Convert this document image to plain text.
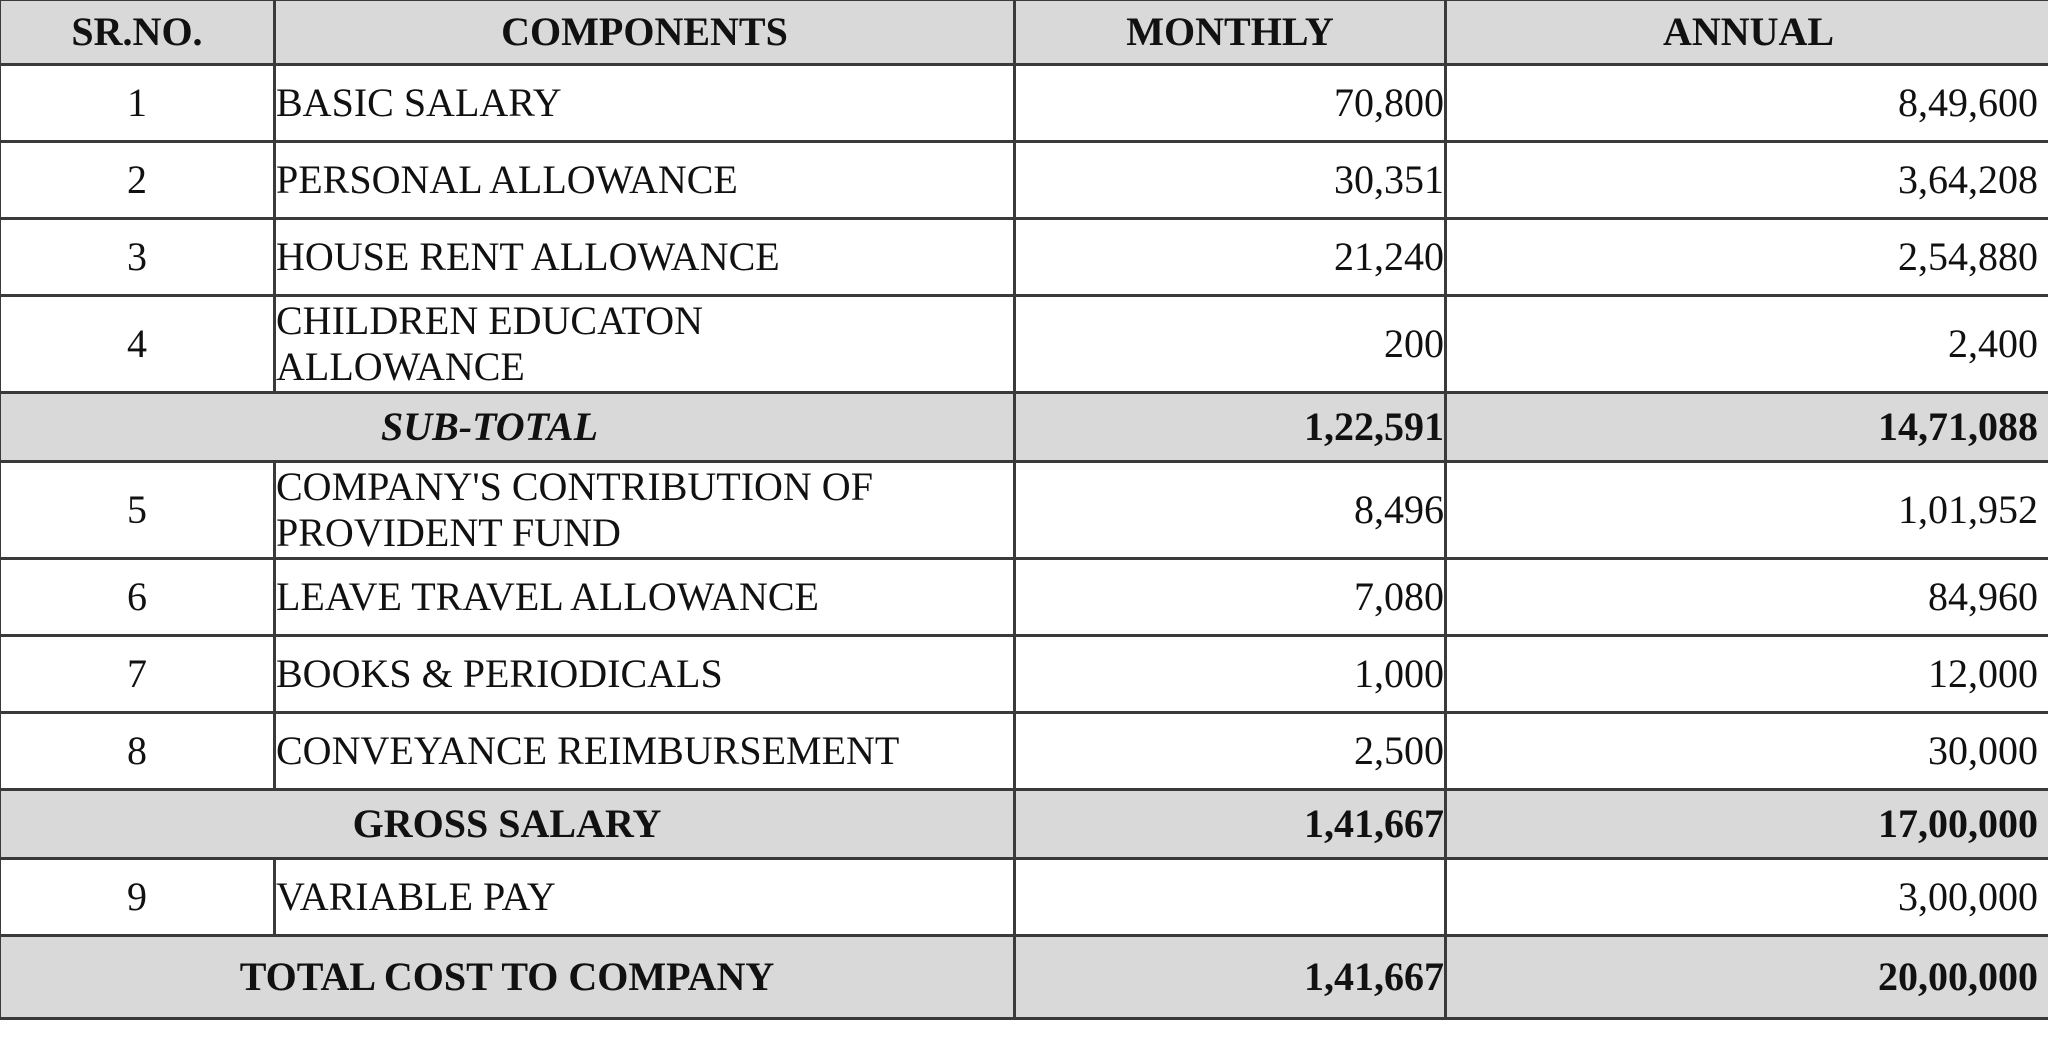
SR.NO.	COMPONENTS	MONTHLY	ANNUAL
1	BASIC SALARY	70,800	8,49,600
2	PERSONAL ALLOWANCE	30,351	3,64,208
3	HOUSE RENT ALLOWANCE	21,240	2,54,880
4	CHILDREN EDUCATON ALLOWANCE	200	2,400
SUB-TOTAL		1,22,591	14,71,088
5	COMPANY'S CONTRIBUTION OF PROVIDENT FUND	8,496	1,01,952
6	LEAVE TRAVEL ALLOWANCE	7,080	84,960
7	BOOKS & PERIODICALS	1,000	12,000
8	CONVEYANCE REIMBURSEMENT	2,500	30,000
GROSS SALARY		1,41,667	17,00,000
9	VARIABLE PAY		3,00,000
TOTAL COST TO COMPANY		1,41,667	20,00,000
